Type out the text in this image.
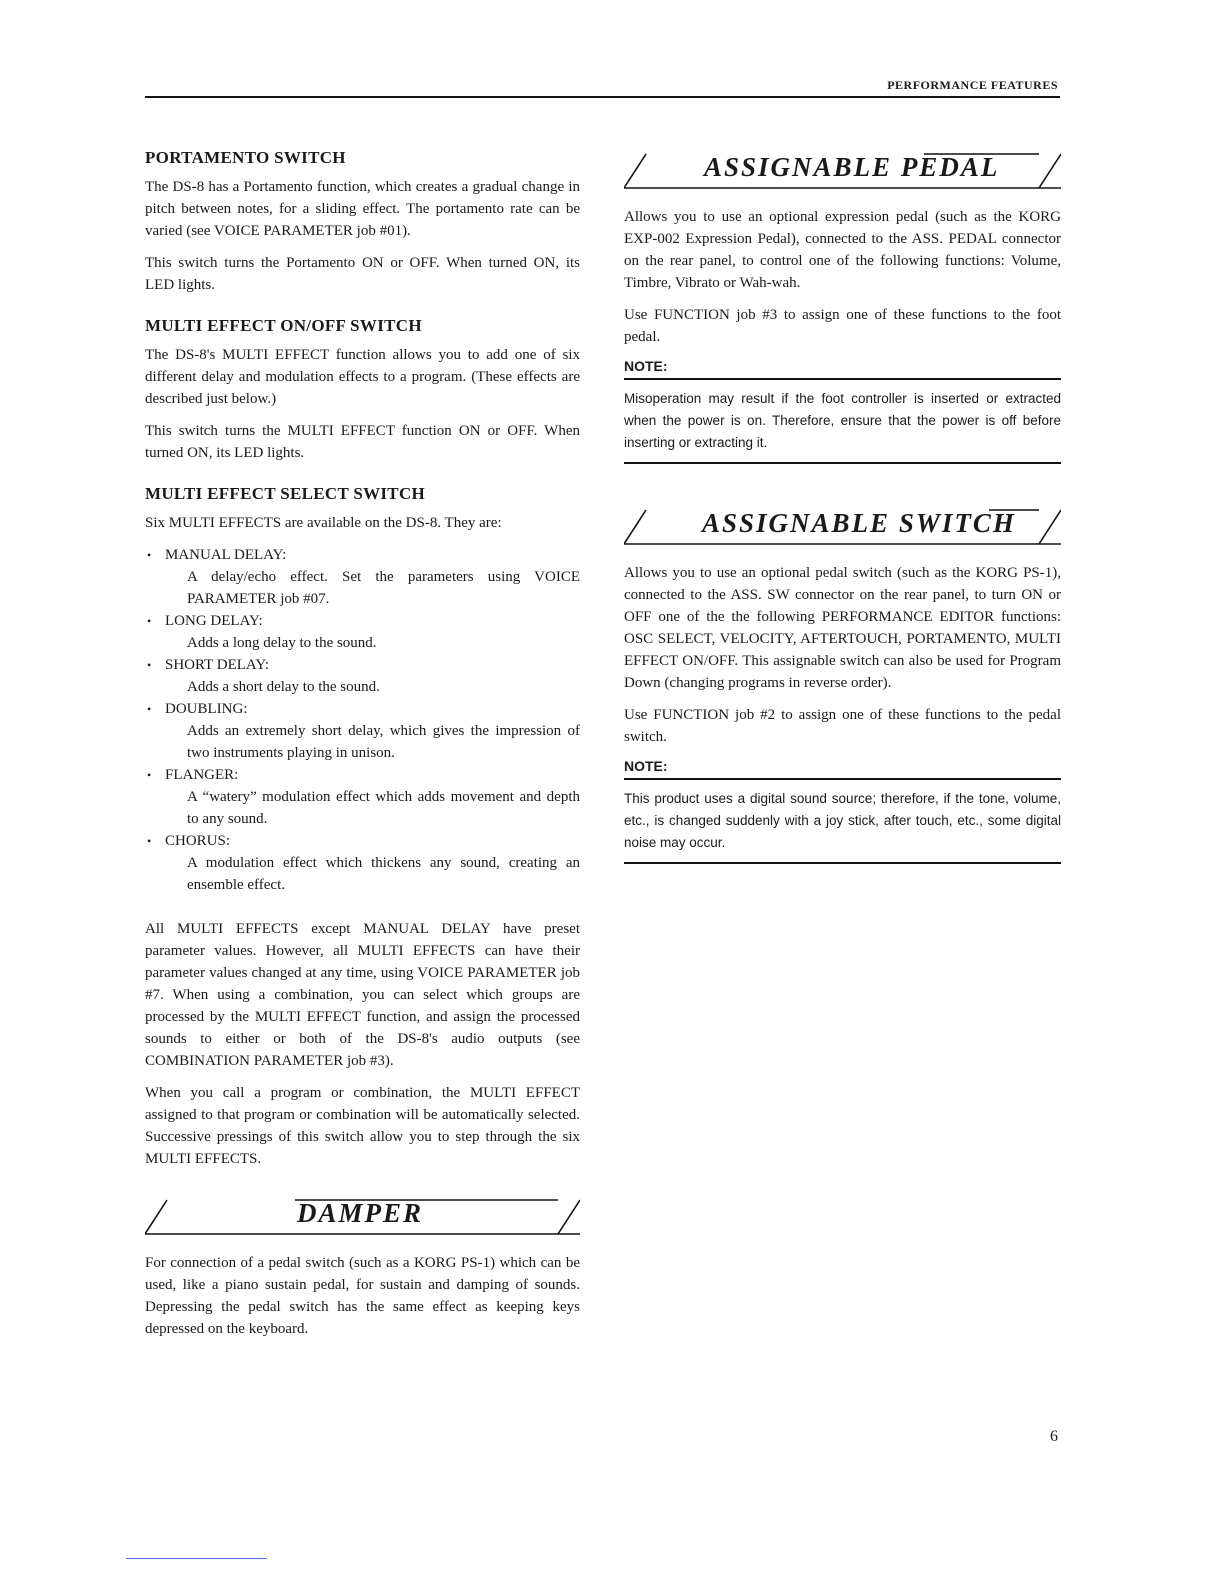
PERFORMANCE FEATURES
PORTAMENTO SWITCH

The DS-8 has a Portamento function, which creates a gradual change in pitch between notes, for a sliding effect. The portamento rate can be varied (see VOICE PARAMETER job #01).

This switch turns the Portamento ON or OFF. When turned ON, its LED lights.

MULTI EFFECT ON/OFF SWITCH

The DS-8's MULTI EFFECT function allows you to add one of six different delay and modulation effects to a program. (These effects are described just below.)

This switch turns the MULTI EFFECT function ON or OFF. When turned ON, its LED lights.

MULTI EFFECT SELECT SWITCH

Six MULTI EFFECTS are available on the DS-8. They are:

• MANUAL DELAY:
A delay/echo effect. Set the parameters using VOICE PARAMETER job #07.
• LONG DELAY:
Adds a long delay to the sound.
• SHORT DELAY:
Adds a short delay to the sound.
• DOUBLING:
Adds an extremely short delay, which gives the impression of two instruments playing in unison.
• FLANGER:
A “watery” modulation effect which adds movement and depth to any sound.
• CHORUS:
A modulation effect which thickens any sound, creating an ensemble effect.

All MULTI EFFECTS except MANUAL DELAY have preset parameter values. However, all MULTI EFFECTS can have their parameter values changed at any time, using VOICE PARAMETER job #7. When using a combination, you can select which groups are processed by the MULTI EFFECT function, and assign the processed sounds to either or both of the DS-8's audio outputs (see COMBINATION PARAMETER job #3).

When you call a program or combination, the MULTI EFFECT assigned to that program or combination will be automatically selected. Successive pressings of this switch allow you to step through the six MULTI EFFECTS.

DAMPER

For connection of a pedal switch (such as a KORG PS-1) which can be used, like a piano sustain pedal, for sustain and damping of sounds. Depressing the pedal switch has the same effect as keeping keys depressed on the keyboard.

ASSIGNABLE PEDAL

Allows you to use an optional expression pedal (such as the KORG EXP-002 Expression Pedal), connected to the ASS. PEDAL connector on the rear panel, to control one of the following functions: Volume, Timbre, Vibrato or Wah-wah.

Use FUNCTION job #3 to assign one of these functions to the foot pedal.

NOTE:

Misoperation may result if the foot controller is inserted or extracted when the power is on. Therefore, ensure that the power is off before inserting or extracting it.

ASSIGNABLE SWITCH

Allows you to use an optional pedal switch (such as the KORG PS-1), connected to the ASS. SW connector on the rear panel, to turn ON or OFF one of the the following PERFORMANCE EDITOR functions: OSC SELECT, VELOCITY, AFTERTOUCH, PORTAMENTO, MULTI EFFECT ON/OFF. This assignable switch can also be used for Program Down (changing programs in reverse order).

Use FUNCTION job #2 to assign one of these functions to the pedal switch.

NOTE:

This product uses a digital sound source; therefore, if the tone, volume, etc., is changed suddenly with a joy stick, after touch, etc., some digital noise may occur.

6
